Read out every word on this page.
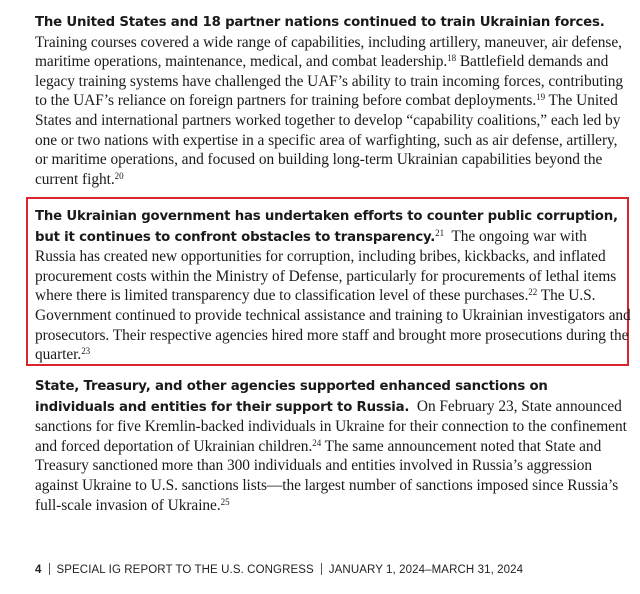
The United States and 18 partner nations continued to train Ukrainian forces. Training courses covered a wide range of capabilities, including artillery, maneuver, air defense, maritime operations, maintenance, medical, and combat leadership.$^{18}$ Battlefield demands and legacy training systems have challenged the UAF’s ability to train incoming forces, contributing to the UAF’s reliance on foreign partners for training before combat deployments.$^{19}$ The United States and international partners worked together to develop “capability coalitions,” each led by one or two nations with expertise in a specific area of warfighting, such as air defense, artillery, or maritime operations, and focused on building long-term Ukrainian capabilities beyond the current fight.$^{20}$
The Ukrainian government has undertaken efforts to counter public corruption, but it continues to confront obstacles to transparency.$^{21}$ The ongoing war with Russia has created new opportunities for corruption, including bribes, kickbacks, and inflated procurement costs within the Ministry of Defense, particularly for procurements of lethal items where there is limited transparency due to classification level of these purchases.$^{22}$ The U.S. Government continued to provide technical assistance and training to Ukrainian investigators and prosecutors. Their respective agencies hired more staff and brought more prosecutions during the quarter.$^{23}$
State, Treasury, and other agencies supported enhanced sanctions on individuals and entities for their support to Russia. On February 23, State announced sanctions for five Kremlin-backed individuals in Ukraine for their connection to the confinement and forced deportation of Ukrainian children.$^{24}$ The same announcement noted that State and Treasury sanctioned more than 300 individuals and entities involved in Russia’s aggression against Ukraine to U.S. sanctions lists—the largest number of sanctions imposed since Russia’s full-scale invasion of Ukraine.$^{25}$
4 SPECIAL IG REPORT TO THE U.S. CONGRESS JANUARY 1, 2024–MARCH 31, 2024
